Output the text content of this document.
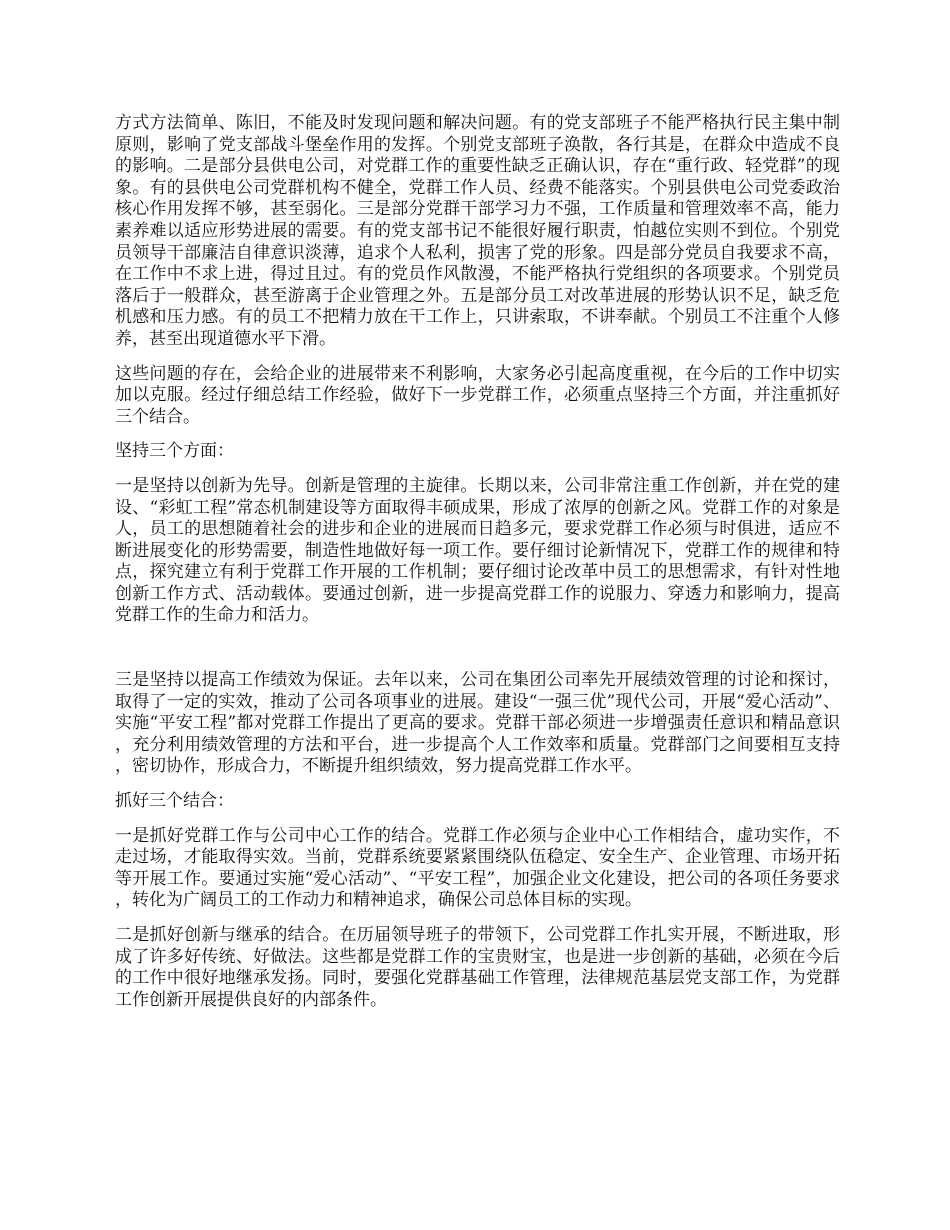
方式方法简单、陈旧，不能及时发现问题和解决问题。有的党支部班子不能严格执行民主集中制原则，影响了党支部战斗堡垒作用的发挥。个别党支部班子涣散，各行其是，在群众中造成不良的影响。二是部分县供电公司，对党群工作的重要性缺乏正确认识，存在“重行政、轻党群”的现象。有的县供电公司党群机构不健全，党群工作人员、经费不能落实。个别县供电公司党委政治核心作用发挥不够，甚至弱化。三是部分党群干部学习力不强，工作质量和管理效率不高，能力素养难以适应形势进展的需要。有的党支部书记不能很好履行职责，怕越位实则不到位。个别党员领导干部廉洁自律意识淡薄，追求个人私利，损害了党的形象。四是部分党员自我要求不高，在工作中不求上进，得过且过。有的党员作风散漫，不能严格执行党组织的各项要求。个别党员落后于一般群众，甚至游离于企业管理之外。五是部分员工对改革进展的形势认识不足，缺乏危机感和压力感。有的员工不把精力放在干工作上，只讲索取，不讲奉献。个别员工不注重个人修养，甚至出现道德水平下滑。

这些问题的存在，会给企业的进展带来不利影响，大家务必引起高度重视，在今后的工作中切实加以克服。经过仔细总结工作经验，做好下一步党群工作，必须重点坚持三个方面，并注重抓好三个结合。

坚持三个方面：

一是坚持以创新为先导。创新是管理的主旋律。长期以来，公司非常注重工作创新，并在党的建设、“彩虹工程”常态机制建设等方面取得丰硕成果，形成了浓厚的创新之风。党群工作的对象是人，员工的思想随着社会的进步和企业的进展而日趋多元，要求党群工作必须与时俱进，适应不断进展变化的形势需要，制造性地做好每一项工作。要仔细讨论新情况下，党群工作的规律和特点，探究建立有利于党群工作开展的工作机制；要仔细讨论改革中员工的思想需求，有针对性地创新工作方式、活动载体。要通过创新，进一步提高党群工作的说服力、穿透力和影响力，提高党群工作的生命力和活力。

三是坚持以提高工作绩效为保证。去年以来，公司在集团公司率先开展绩效管理的讨论和探讨，取得了一定的实效，推动了公司各项事业的进展。建设“一强三优”现代公司，开展“爱心活动”、实施“平安工程”都对党群工作提出了更高的要求。党群干部必须进一步增强责任意识和精品意识，充分利用绩效管理的方法和平台，进一步提高个人工作效率和质量。党群部门之间要相互支持，密切协作，形成合力，不断提升组织绩效，努力提高党群工作水平。

抓好三个结合：

一是抓好党群工作与公司中心工作的结合。党群工作必须与企业中心工作相结合，虚功实作，不走过场，才能取得实效。当前，党群系统要紧紧围绕队伍稳定、安全生产、企业管理、市场开拓等开展工作。要通过实施“爱心活动”、“平安工程”，加强企业文化建设，把公司的各项任务要求，转化为广阔员工的工作动力和精神追求，确保公司总体目标的实现。

二是抓好创新与继承的结合。在历届领导班子的带领下，公司党群工作扎实开展，不断进取，形成了许多好传统、好做法。这些都是党群工作的宝贵财宝，也是进一步创新的基础，必须在今后的工作中很好地继承发扬。同时，要强化党群基础工作管理，法律规范基层党支部工作，为党群工作创新开展提供良好的内部条件。
